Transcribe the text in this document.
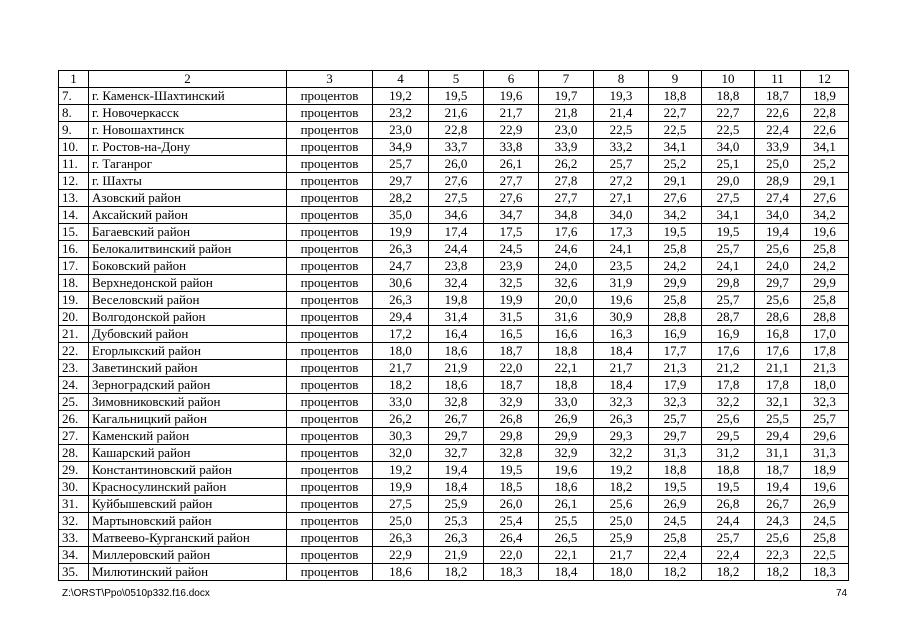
1	2	3	4	5	6	7	8	9	10	11	12
7.	г. Каменск-Шахтинский	процентов	19,2	19,5	19,6	19,7	19,3	18,8	18,8	18,7	18,9
8.	г. Новочеркасск	процентов	23,2	21,6	21,7	21,8	21,4	22,7	22,7	22,6	22,8
9.	г. Новошахтинск	процентов	23,0	22,8	22,9	23,0	22,5	22,5	22,5	22,4	22,6
10.	г. Ростов-на-Дону	процентов	34,9	33,7	33,8	33,9	33,2	34,1	34,0	33,9	34,1
11.	г. Таганрог	процентов	25,7	26,0	26,1	26,2	25,7	25,2	25,1	25,0	25,2
12.	г. Шахты	процентов	29,7	27,6	27,7	27,8	27,2	29,1	29,0	28,9	29,1
13.	Азовский район	процентов	28,2	27,5	27,6	27,7	27,1	27,6	27,5	27,4	27,6
14.	Аксайский район	процентов	35,0	34,6	34,7	34,8	34,0	34,2	34,1	34,0	34,2
15.	Багаевский район	процентов	19,9	17,4	17,5	17,6	17,3	19,5	19,5	19,4	19,6
16.	Белокалитвинский район	процентов	26,3	24,4	24,5	24,6	24,1	25,8	25,7	25,6	25,8
17.	Боковский район	процентов	24,7	23,8	23,9	24,0	23,5	24,2	24,1	24,0	24,2
18.	Верхнедонской район	процентов	30,6	32,4	32,5	32,6	31,9	29,9	29,8	29,7	29,9
19.	Веселовский район	процентов	26,3	19,8	19,9	20,0	19,6	25,8	25,7	25,6	25,8
20.	Волгодонской район	процентов	29,4	31,4	31,5	31,6	30,9	28,8	28,7	28,6	28,8
21.	Дубовский район	процентов	17,2	16,4	16,5	16,6	16,3	16,9	16,9	16,8	17,0
22.	Егорлыкский район	процентов	18,0	18,6	18,7	18,8	18,4	17,7	17,6	17,6	17,8
23.	Заветинский район	процентов	21,7	21,9	22,0	22,1	21,7	21,3	21,2	21,1	21,3
24.	Зерноградский район	процентов	18,2	18,6	18,7	18,8	18,4	17,9	17,8	17,8	18,0
25.	Зимовниковский район	процентов	33,0	32,8	32,9	33,0	32,3	32,3	32,2	32,1	32,3
26.	Кагальницкий район	процентов	26,2	26,7	26,8	26,9	26,3	25,7	25,6	25,5	25,7
27.	Каменский район	процентов	30,3	29,7	29,8	29,9	29,3	29,7	29,5	29,4	29,6
28.	Кашарский район	процентов	32,0	32,7	32,8	32,9	32,2	31,3	31,2	31,1	31,3
29.	Константиновский район	процентов	19,2	19,4	19,5	19,6	19,2	18,8	18,8	18,7	18,9
30.	Красносулинский район	процентов	19,9	18,4	18,5	18,6	18,2	19,5	19,5	19,4	19,6
31.	Куйбышевский район	процентов	27,5	25,9	26,0	26,1	25,6	26,9	26,8	26,7	26,9
32.	Мартыновский район	процентов	25,0	25,3	25,4	25,5	25,0	24,5	24,4	24,3	24,5
33.	Матвеево-Курганский район	процентов	26,3	26,3	26,4	26,5	25,9	25,8	25,7	25,6	25,8
34.	Миллеровский район	процентов	22,9	21,9	22,0	22,1	21,7	22,4	22,4	22,3	22,5
35.	Милютинский район	процентов	18,6	18,2	18,3	18,4	18,0	18,2	18,2	18,2	18,3
Z:\ORST\Ppo\0510p332.f16.docx	74
